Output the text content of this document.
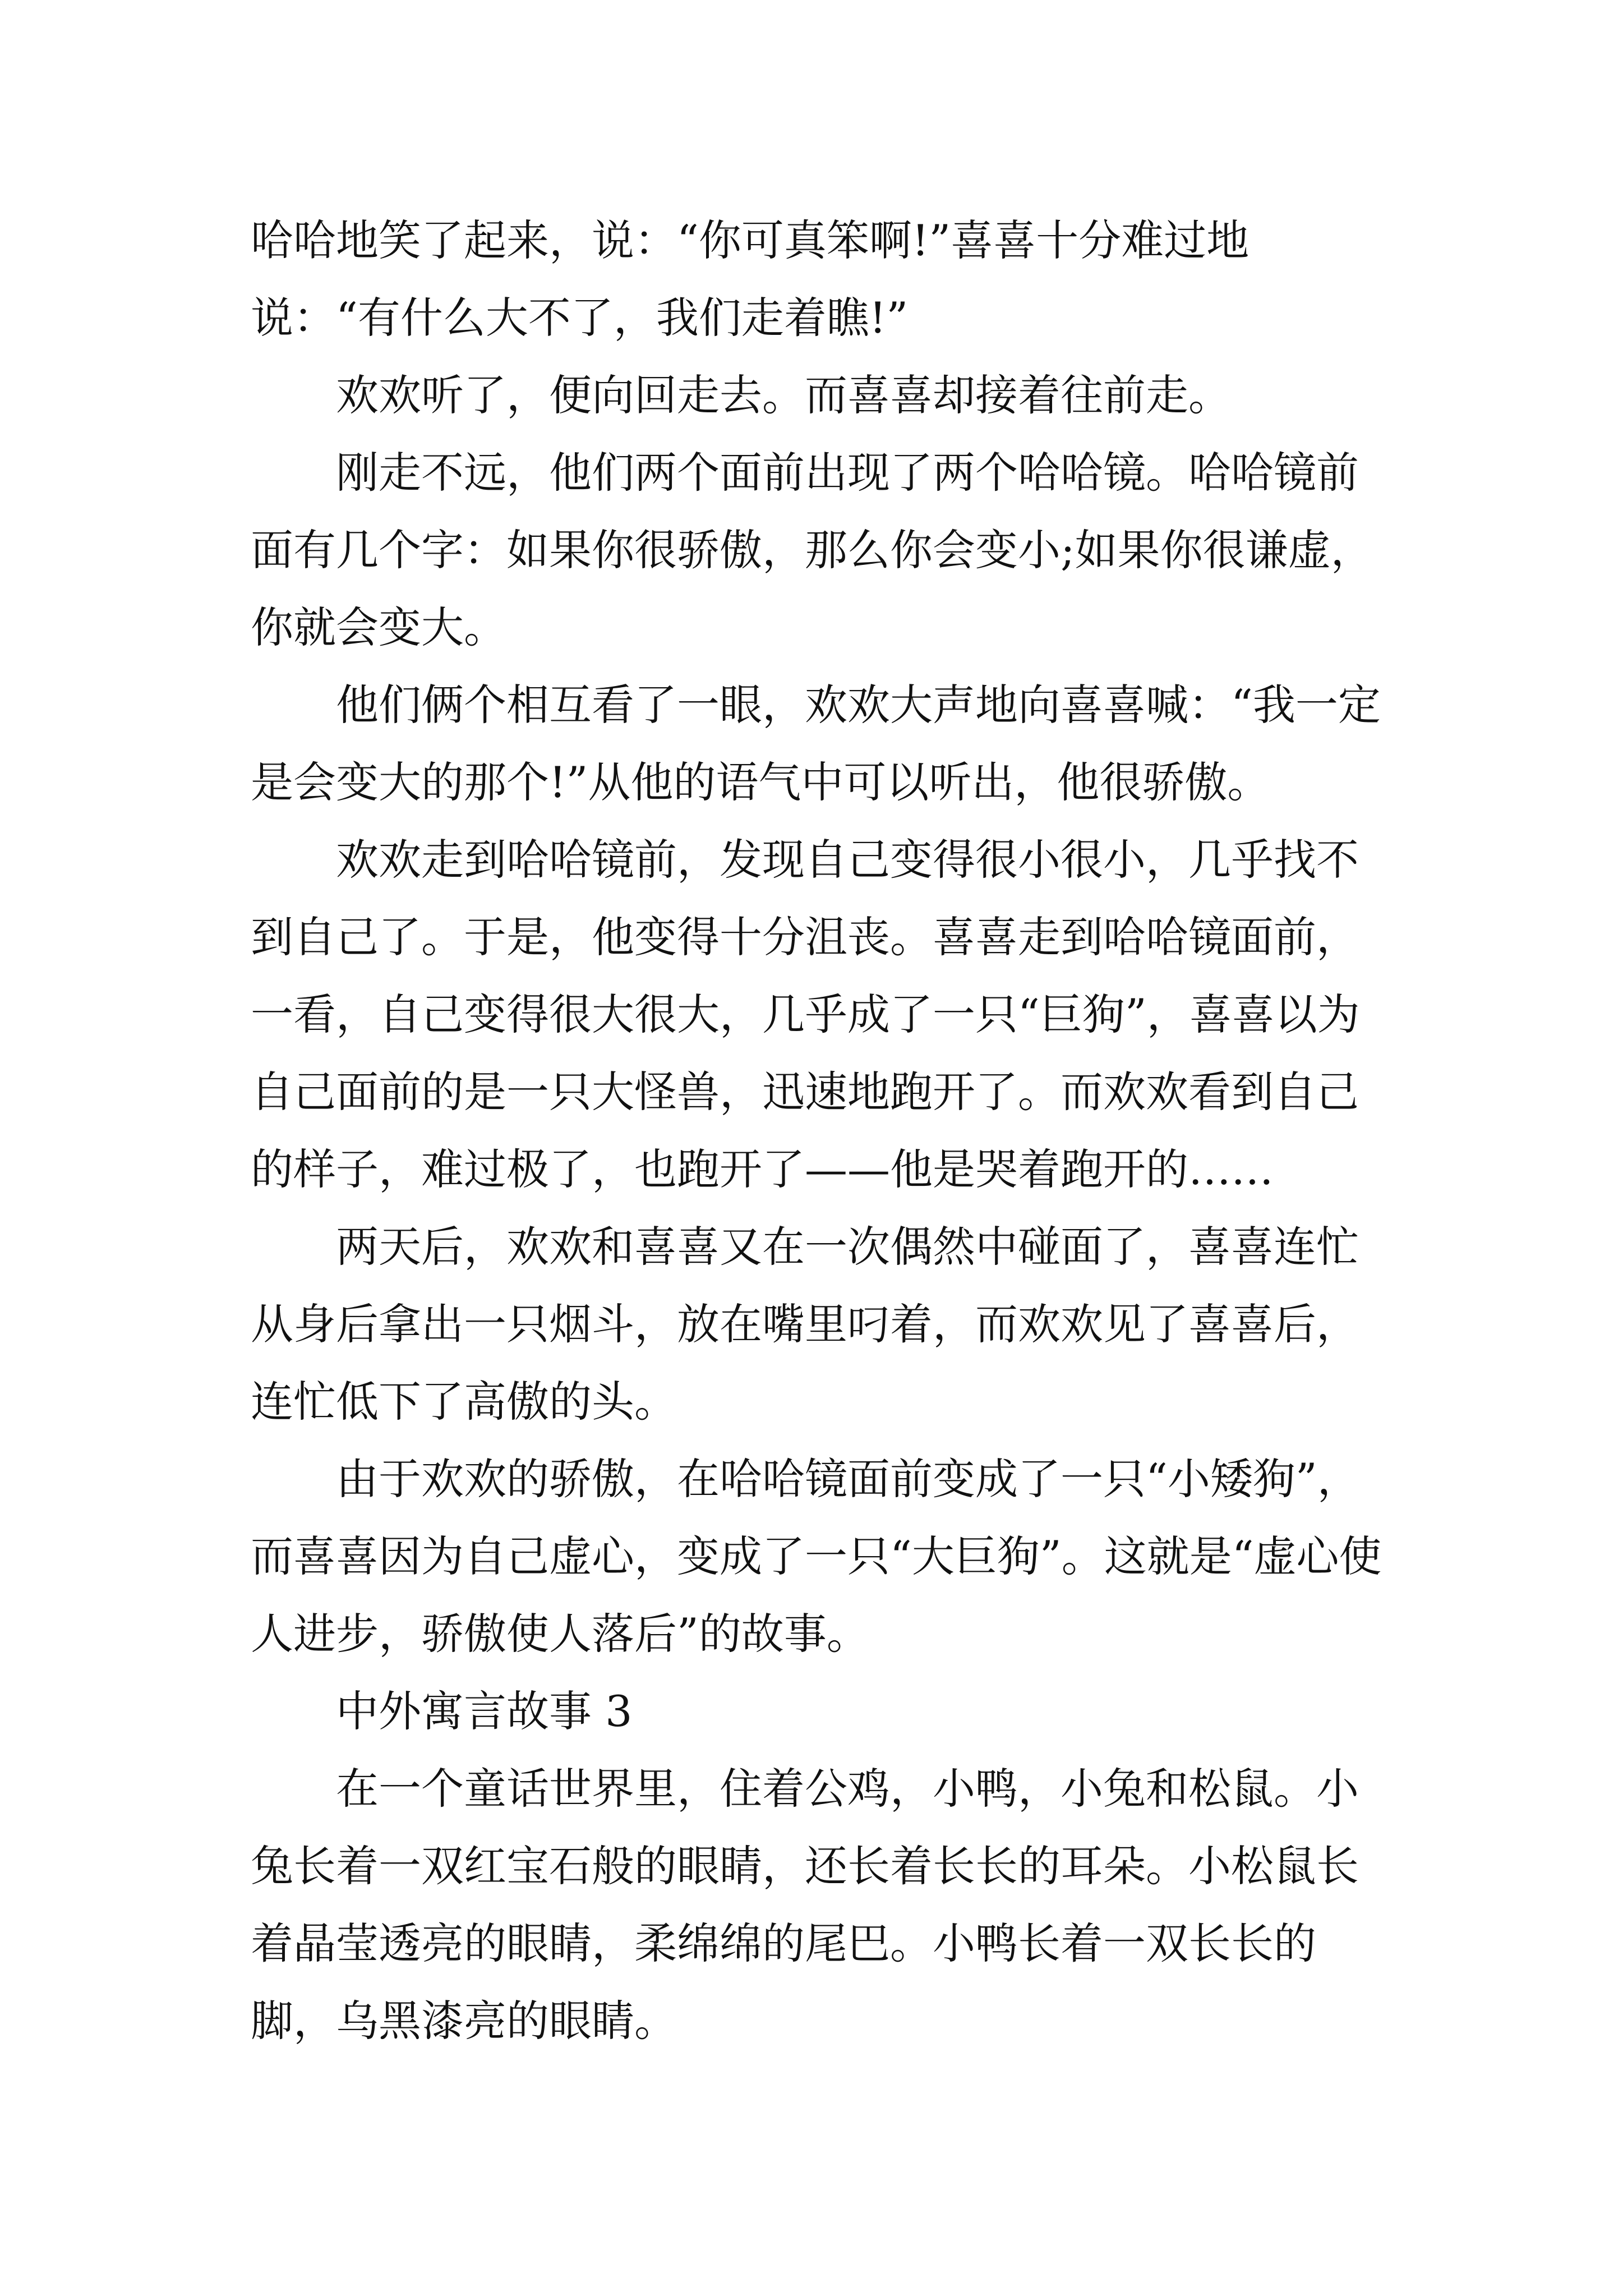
哈哈地笑了起来，说：“你可真笨啊!”喜喜十分难过地说：“有什么大不了，我们走着瞧!”

欢欢听了，便向回走去。而喜喜却接着往前走。

刚走不远，他们两个面前出现了两个哈哈镜。哈哈镜前面有几个字：如果你很骄傲，那么你会变小;如果你很谦虚，你就会变大。

他们俩个相互看了一眼，欢欢大声地向喜喜喊：“我一定是会变大的那个!”从他的语气中可以听出，他很骄傲。

欢欢走到哈哈镜前，发现自己变得很小很小，几乎找不到自己了。于是，他变得十分沮丧。喜喜走到哈哈镜面前，一看，自己变得很大很大，几乎成了一只“巨狗”，喜喜以为自己面前的是一只大怪兽，迅速地跑开了。而欢欢看到自己的样子，难过极了，也跑开了——他是哭着跑开的……

两天后，欢欢和喜喜又在一次偶然中碰面了，喜喜连忙从身后拿出一只烟斗，放在嘴里叼着，而欢欢见了喜喜后，连忙低下了高傲的头。

由于欢欢的骄傲，在哈哈镜面前变成了一只“小矮狗”，而喜喜因为自己虚心，变成了一只“大巨狗”。这就是“虚心使人进步，骄傲使人落后”的故事。

中外寓言故事 3

在一个童话世界里，住着公鸡，小鸭，小兔和松鼠。小兔长着一双红宝石般的眼睛，还长着长长的耳朵。小松鼠长着晶莹透亮的眼睛，柔绵绵的尾巴。小鸭长着一双长长的脚，乌黑漆亮的眼睛。
